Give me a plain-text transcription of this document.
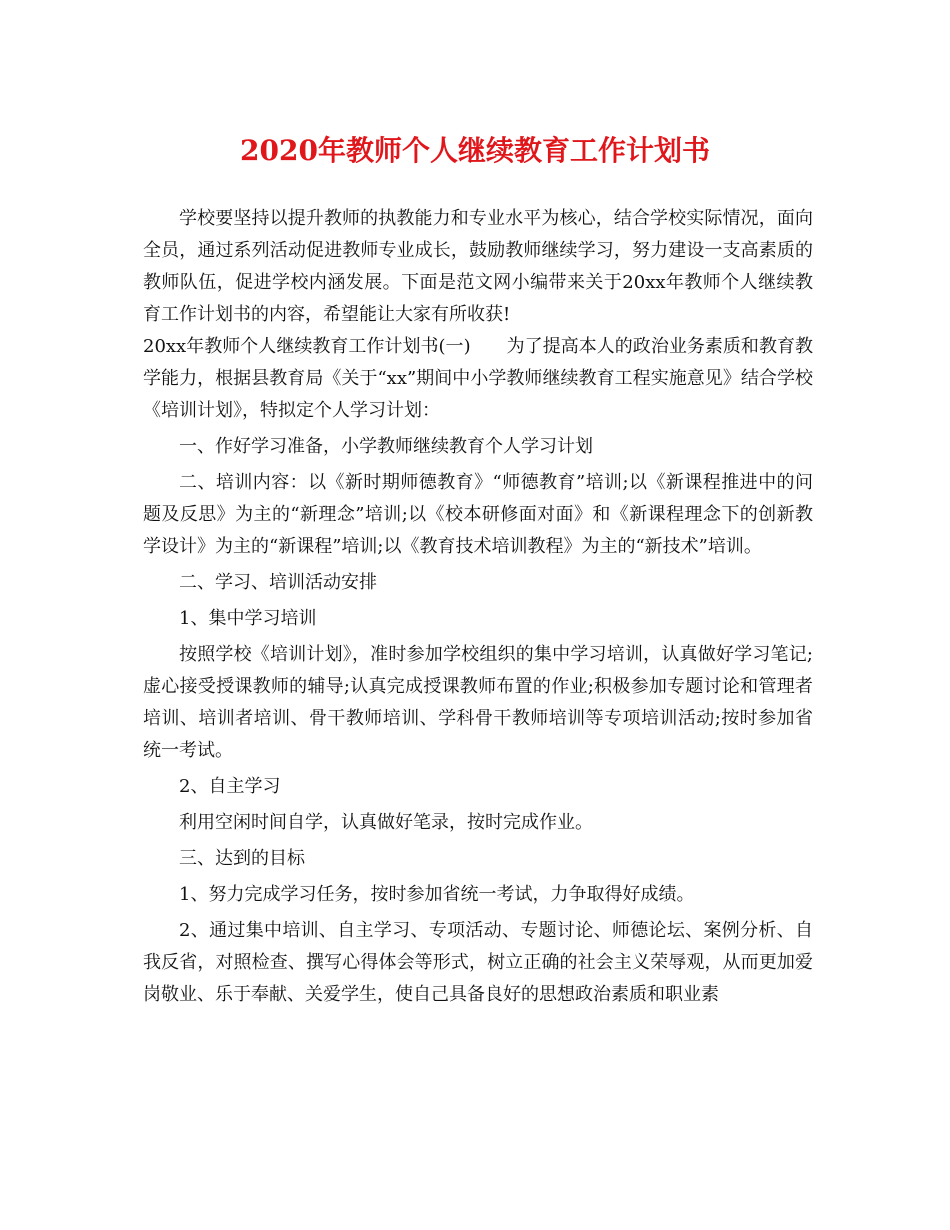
2020年教师个人继续教育工作计划书

学校要坚持以提升教师的执教能力和专业水平为核心，结合学校实际情况，面向全员，通过系列活动促进教师专业成长，鼓励教师继续学习，努力建设一支高素质的教师队伍，促进学校内涵发展。下面是范文网小编带来关于20xx年教师个人继续教育工作计划书的内容，希望能让大家有所收获!

20xx年教师个人继续教育工作计划书(一)　　为了提高本人的政治业务素质和教育教学能力，根据县教育局《关于“xx”期间中小学教师继续教育工程实施意见》结合学校《培训计划》，特拟定个人学习计划：

一、作好学习准备，小学教师继续教育个人学习计划

二、培训内容：以《新时期师德教育》“师德教育”培训;以《新课程推进中的问题及反思》为主的“新理念”培训;以《校本研修面对面》和《新课程理念下的创新教学设计》为主的“新课程”培训;以《教育技术培训教程》为主的“新技术”培训。

二、学习、培训活动安排

1、集中学习培训

按照学校《培训计划》，准时参加学校组织的集中学习培训，认真做好学习笔记;虚心接受授课教师的辅导;认真完成授课教师布置的作业;积极参加专题讨论和管理者培训、培训者培训、骨干教师培训、学科骨干教师培训等专项培训活动;按时参加省统一考试。

2、自主学习

利用空闲时间自学，认真做好笔录，按时完成作业。

三、达到的目标

1、努力完成学习任务，按时参加省统一考试，力争取得好成绩。

2、通过集中培训、自主学习、专项活动、专题讨论、师德论坛、案例分析、自我反省，对照检查、撰写心得体会等形式，树立正确的社会主义荣辱观，从而更加爱岗敬业、乐于奉献、关爱学生，使自己具备良好的思想政治素质和职业素
